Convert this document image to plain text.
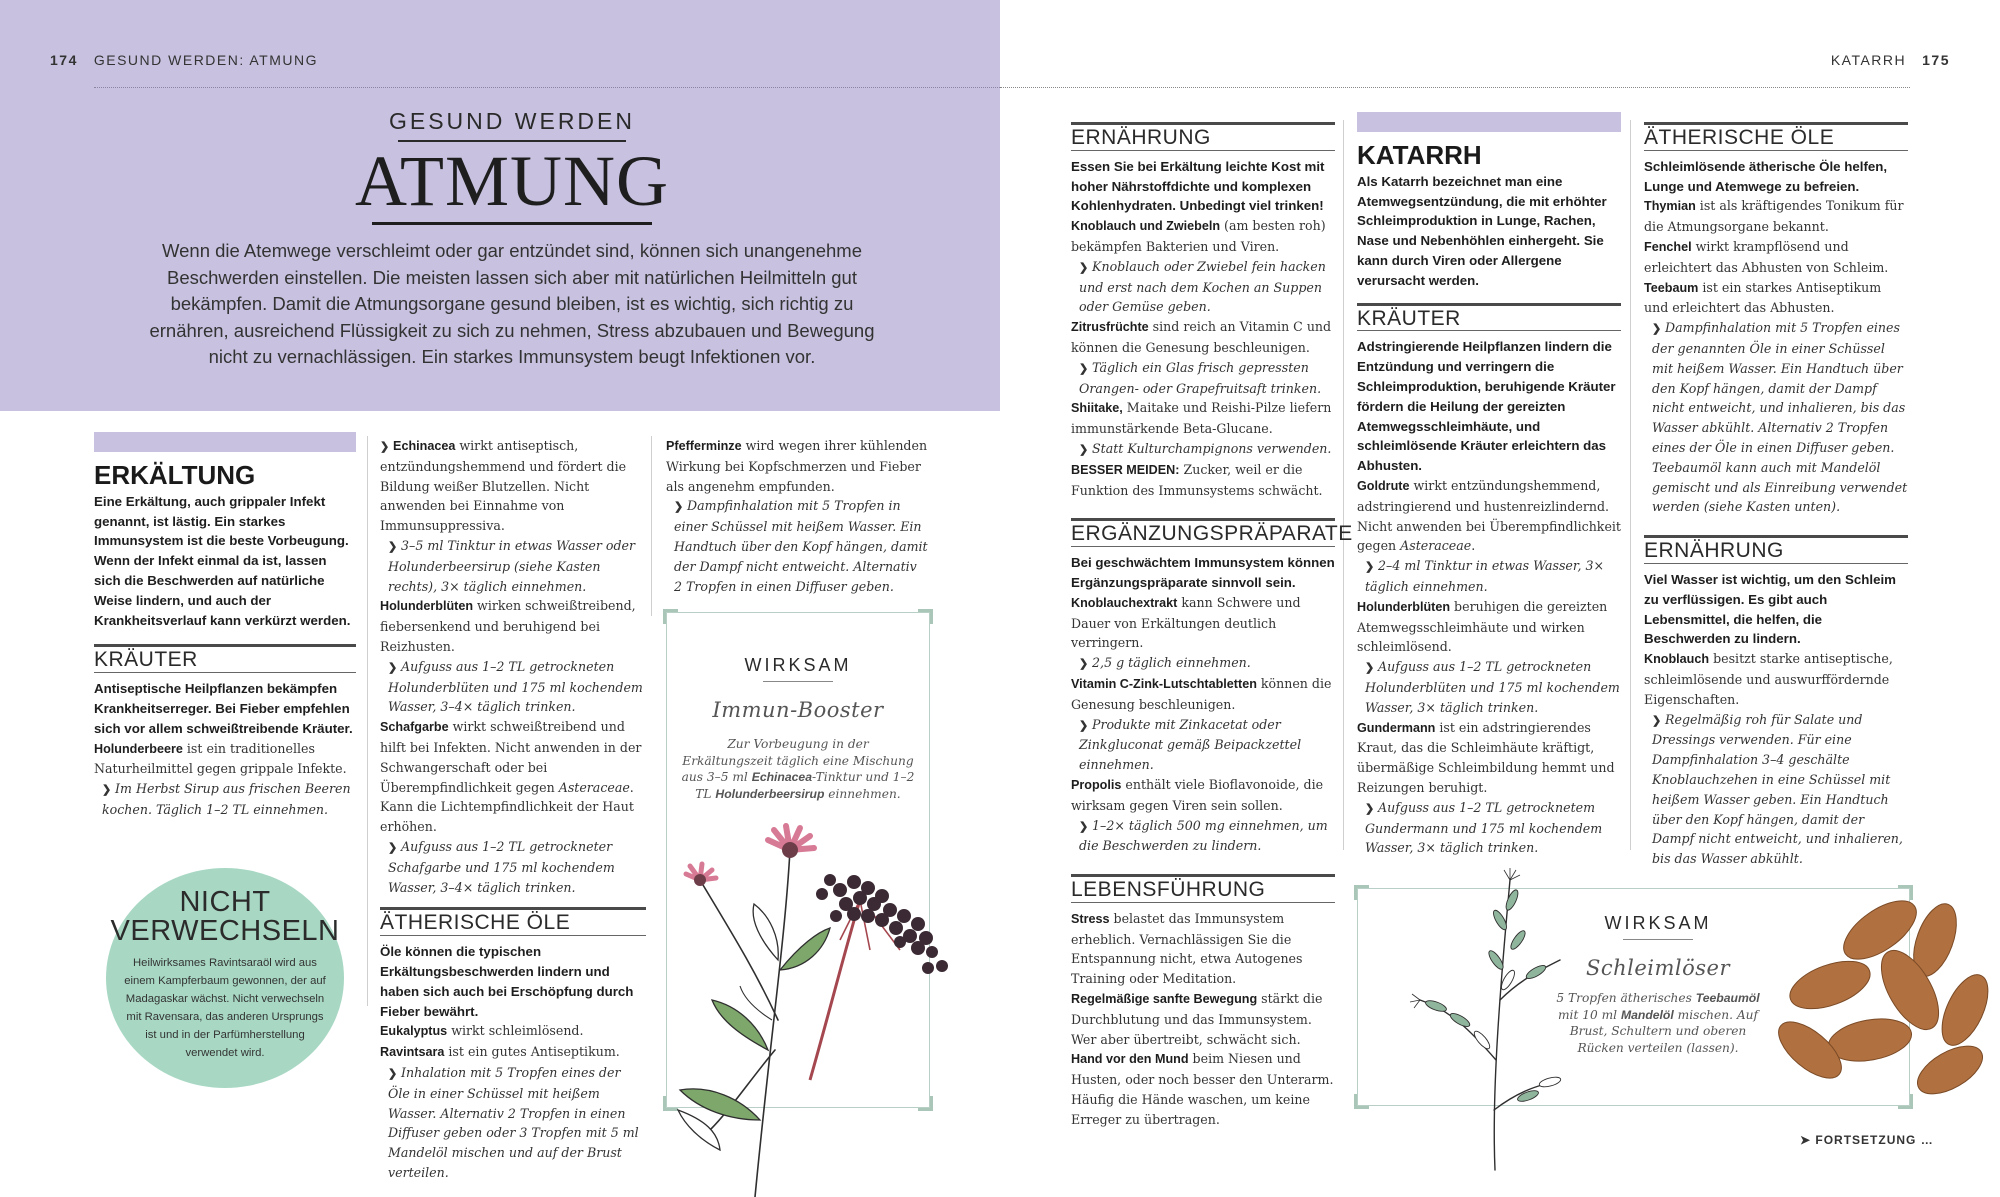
174 GESUND WERDEN: ATMUNG	KATARRH 175
GESUND WERDEN
ATMUNG
Wenn die Atemwege verschleimt oder gar entzündet sind, können sich unangenehme Beschwerden einstellen. Die meisten lassen sich aber mit natürlichen Heilmitteln gut bekämpfen. Damit die Atmungsorgane gesund bleiben, ist es wichtig, sich richtig zu ernähren, ausreichend Flüssigkeit zu sich zu nehmen, Stress abzubauen und Bewegung nicht zu vernachlässigen. Ein starkes Immunsystem beugt Infektionen vor.
ERKÄLTUNG

Eine Erkältung, auch grippaler Infekt genannt, ist lästig. Ein starkes Immunsystem ist die beste Vorbeugung. Wenn der Infekt einmal da ist, lassen sich die Beschwerden auf natürliche Weise lindern, und auch der Krankheitsverlauf kann verkürzt werden.

KRÄUTER

Antiseptische Heilpflanzen bekämpfen Krankheitserreger. Bei Fieber empfehlen sich vor allem schweißtreibende Kräuter.

Holunderbeere ist ein traditionelles Naturheilmittel gegen grippale Infekte.

❯ Im Herbst Sirup aus frischen Beeren kochen. Täglich 1–2 TL einnehmen.

NICHT
VERWECHSELN
Heilwirksames Ravintsaraöl wird aus einem Kampferbaum gewonnen, der auf Madagaskar wächst. Nicht verwechseln mit Ravensara, das anderen Ursprungs ist und in der Parfümherstellung verwendet wird.

❯ Echinacea wirkt antiseptisch, entzündungshemmend und fördert die Bildung weißer Blutzellen. Nicht anwenden bei Einnahme von Immunsuppressiva.

❯ 3–5 ml Tinktur in etwas Wasser oder Holunderbeersirup (siehe Kasten rechts), 3× täglich einnehmen.

Holunderblüten wirken schweißtreibend, fiebersenkend und beruhigend bei Reizhusten.

❯ Aufguss aus 1–2 TL getrockneten Holunderblüten und 175 ml kochendem Wasser, 3–4× täglich trinken.

Schafgarbe wirkt schweißtreibend und hilft bei Infekten. Nicht anwenden in der Schwangerschaft oder bei Überempfindlichkeit gegen Asteraceae. Kann die Lichtempfindlichkeit der Haut erhöhen.

❯ Aufguss aus 1–2 TL getrockneter Schafgarbe und 175 ml kochendem Wasser, 3–4× täglich trinken.

ÄTHERISCHE ÖLE

Öle können die typischen Erkältungsbeschwerden lindern und haben sich auch bei Erschöpfung durch Fieber bewährt.

Eukalyptus wirkt schleimlösend.

Ravintsara ist ein gutes Antiseptikum.

❯ Inhalation mit 5 Tropfen eines der Öle in einer Schüssel mit heißem Wasser. Alternativ 2 Tropfen in einen Diffuser geben oder 3 Tropfen mit 5 ml Mandelöl mischen und auf der Brust verteilen.

Pfefferminze wird wegen ihrer kühlenden Wirkung bei Kopfschmerzen und Fieber als angenehm empfunden.

❯ Dampfinhalation mit 5 Tropfen in einer Schüssel mit heißem Wasser. Ein Handtuch über den Kopf hängen, damit der Dampf nicht entweicht. Alternativ 2 Tropfen in einen Diffuser geben.

WIRKSAM
Immun-Booster
Zur Vorbeugung in der Erkältungszeit täglich eine Mischung aus 3–5 ml Echinacea-Tinktur und 1–2 TL Holunderbeersirup einnehmen.
ERNÄHRUNG

Essen Sie bei Erkältung leichte Kost mit hoher Nährstoffdichte und komplexen Kohlenhydraten. Unbedingt viel trinken!

Knoblauch und Zwiebeln (am besten roh) bekämpfen Bakterien und Viren.

❯ Knoblauch oder Zwiebel fein hacken und erst nach dem Kochen an Suppen oder Gemüse geben.

Zitrusfrüchte sind reich an Vitamin C und können die Genesung beschleunigen.

❯ Täglich ein Glas frisch gepressten Orangen- oder Grapefruitsaft trinken.

Shiitake, Maitake und Reishi-Pilze liefern immunstärkende Beta-Glucane.

❯ Statt Kulturchampignons verwenden.

BESSER MEIDEN: Zucker, weil er die Funktion des Immunsystems schwächt.

ERGÄNZUNGSPRÄPARATE

Bei geschwächtem Immunsystem können Ergänzungspräparate sinnvoll sein.

Knoblauchextrakt kann Schwere und Dauer von Erkältungen deutlich verringern.

❯ 2,5 g täglich einnehmen.

Vitamin C-Zink-Lutschtabletten können die Genesung beschleunigen.

❯ Produkte mit Zinkacetat oder Zinkgluconat gemäß Beipackzettel einnehmen.

Propolis enthält viele Bioflavonoide, die wirksam gegen Viren sein sollen.

❯ 1–2× täglich 500 mg einnehmen, um die Beschwerden zu lindern.

LEBENSFÜHRUNG

Stress belastet das Immunsystem erheblich. Vernachlässigen Sie die Entspannung nicht, etwa Autogenes Training oder Meditation.

Regelmäßige sanfte Bewegung stärkt die Durchblutung und das Immunsystem. Wer aber übertreibt, schwächt sich.

Hand vor den Mund beim Niesen und Husten, oder noch besser den Unterarm. Häufig die Hände waschen, um keine Erreger zu übertragen.

KATARRH

Als Katarrh bezeichnet man eine Atemwegsentzündung, die mit erhöhter Schleimproduktion in Lunge, Rachen, Nase und Nebenhöhlen einhergeht. Sie kann durch Viren oder Allergene verursacht werden.

KRÄUTER

Adstringierende Heilpflanzen lindern die Entzündung und verringern die Schleimproduktion, beruhigende Kräuter fördern die Heilung der gereizten Atemwegsschleimhäute, und schleimlösende Kräuter erleichtern das Abhusten.

Goldrute wirkt entzündungshemmend, adstringierend und hustenreizlindernd. Nicht anwenden bei Überempfindlichkeit gegen Asteraceae.

❯ 2–4 ml Tinktur in etwas Wasser, 3× täglich einnehmen.

Holunderblüten beruhigen die gereizten Atemwegsschleimhäute und wirken schleimlösend.

❯ Aufguss aus 1–2 TL getrockneten Holunderblüten und 175 ml kochendem Wasser, 3× täglich trinken.

Gundermann ist ein adstringierendes Kraut, das die Schleimhäute kräftigt, übermäßige Schleimbildung hemmt und Reizungen beruhigt.

❯ Aufguss aus 1–2 TL getrocknetem Gundermann und 175 ml kochendem Wasser, 3× täglich trinken.

ÄTHERISCHE ÖLE

Schleimlösende ätherische Öle helfen, Lunge und Atemwege zu befreien.

Thymian ist als kräftigendes Tonikum für die Atmungsorgane bekannt.

Fenchel wirkt krampflösend und erleichtert das Abhusten von Schleim.

Teebaum ist ein starkes Antiseptikum und erleichtert das Abhusten.

❯ Dampfinhalation mit 5 Tropfen eines der genannten Öle in einer Schüssel mit heißem Wasser. Ein Handtuch über den Kopf hängen, damit der Dampf nicht entweicht, und inhalieren, bis das Wasser abkühlt. Alternativ 2 Tropfen eines der Öle in einen Diffuser geben. Teebaumöl kann auch mit Mandelöl gemischt und als Einreibung verwendet werden (siehe Kasten unten).

ERNÄHRUNG

Viel Wasser ist wichtig, um den Schleim zu verflüssigen. Es gibt auch Lebensmittel, die helfen, die Beschwerden zu lindern.

Knoblauch besitzt starke antiseptische, schleimlösende und auswurffördernde Eigenschaften.

❯ Regelmäßig roh für Salate und Dressings verwenden. Für eine Dampfinhalation 3–4 geschälte Knoblauchzehen in eine Schüssel mit heißem Wasser geben. Ein Handtuch über den Kopf hängen, damit der Dampf nicht entweicht, und inhalieren, bis das Wasser abkühlt.

WIRKSAM
Schleimlöser
5 Tropfen ätherisches Teebaumöl mit 10 ml Mandelöl mischen. Auf Brust, Schultern und oberen Rücken verteilen (lassen).
➤ FORTSETZUNG …
